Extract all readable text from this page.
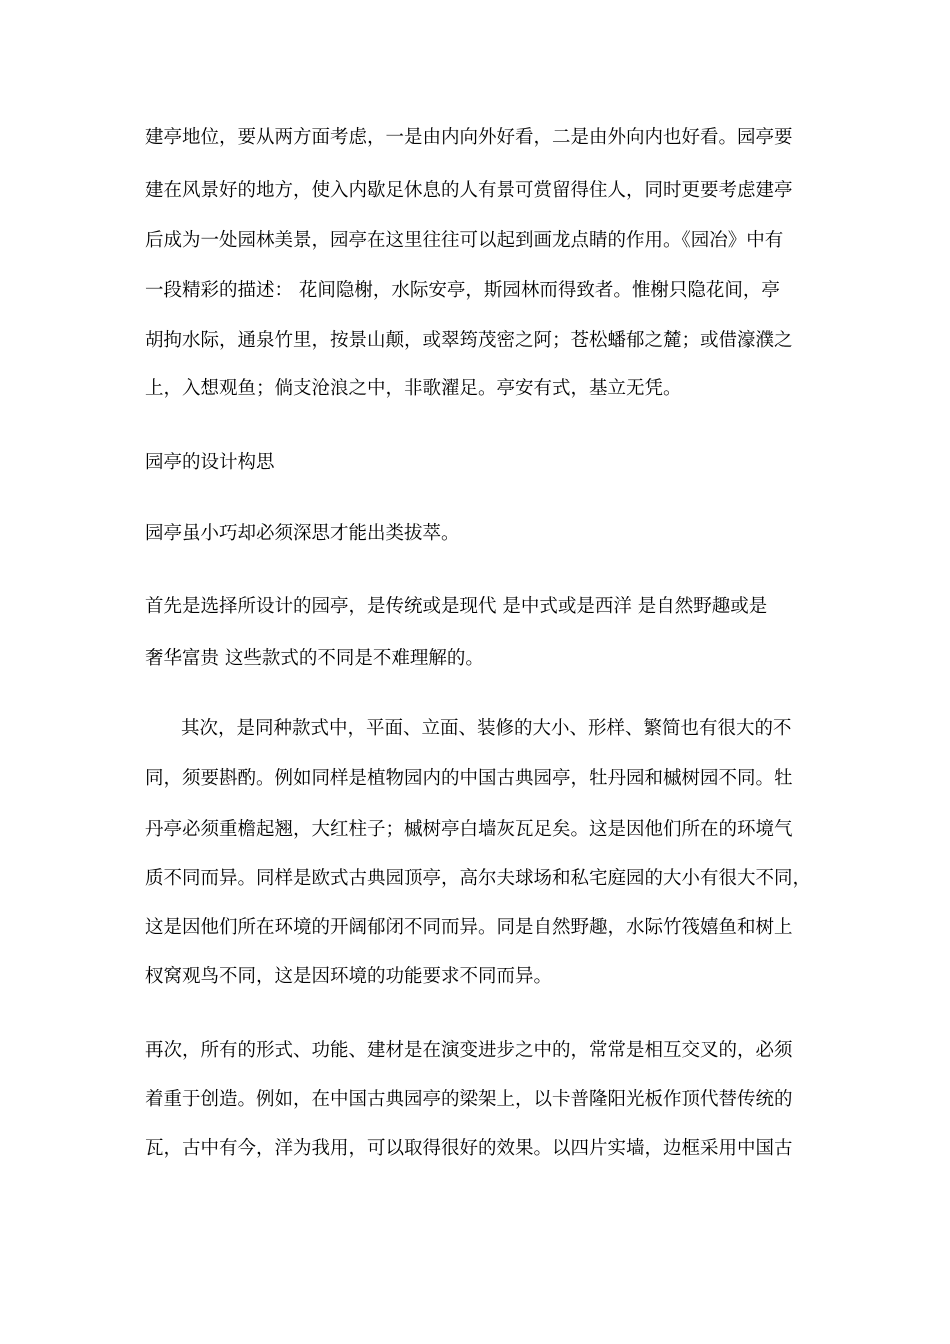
建亭地位，要从两方面考虑，一是由内向外好看，二是由外向内也好看。园亭要
建在风景好的地方，使入内歇足休息的人有景可赏留得住人，同时更要考虑建亭
后成为一处园林美景，园亭在这里往往可以起到画龙点睛的作用。《园冶》中有
一段精彩的描述： 花间隐榭，水际安亭，斯园林而得致者。惟榭只隐花间，亭
胡拘水际，通泉竹里，按景山颠，或翠筠茂密之阿；苍松蟠郁之麓；或借濠濮之
上，入想观鱼；倘支沧浪之中，非歌濯足。亭安有式，基立无凭。
园亭的设计构思
园亭虽小巧却必须深思才能出类拔萃。
首先是选择所设计的园亭，是传统或是现代 是中式或是西洋 是自然野趣或是
奢华富贵 这些款式的不同是不难理解的。
其次，是同种款式中，平面、立面、装修的大小、形样、繁简也有很大的不
同，须要斟酌。例如同样是植物园内的中国古典园亭，牡丹园和槭树园不同。牡
丹亭必须重檐起翘，大红柱子；槭树亭白墙灰瓦足矣。这是因他们所在的环境气
质不同而异。同样是欧式古典园顶亭，高尔夫球场和私宅庭园的大小有很大不同，
这是因他们所在环境的开阔郁闭不同而异。同是自然野趣，水际竹筏嬉鱼和树上
杈窝观鸟不同，这是因环境的功能要求不同而异。
再次，所有的形式、功能、建材是在演变进步之中的，常常是相互交叉的，必须
着重于创造。例如，在中国古典园亭的梁架上，以卡普隆阳光板作顶代替传统的
瓦，古中有今，洋为我用，可以取得很好的效果。以四片实墙，边框采用中国古
